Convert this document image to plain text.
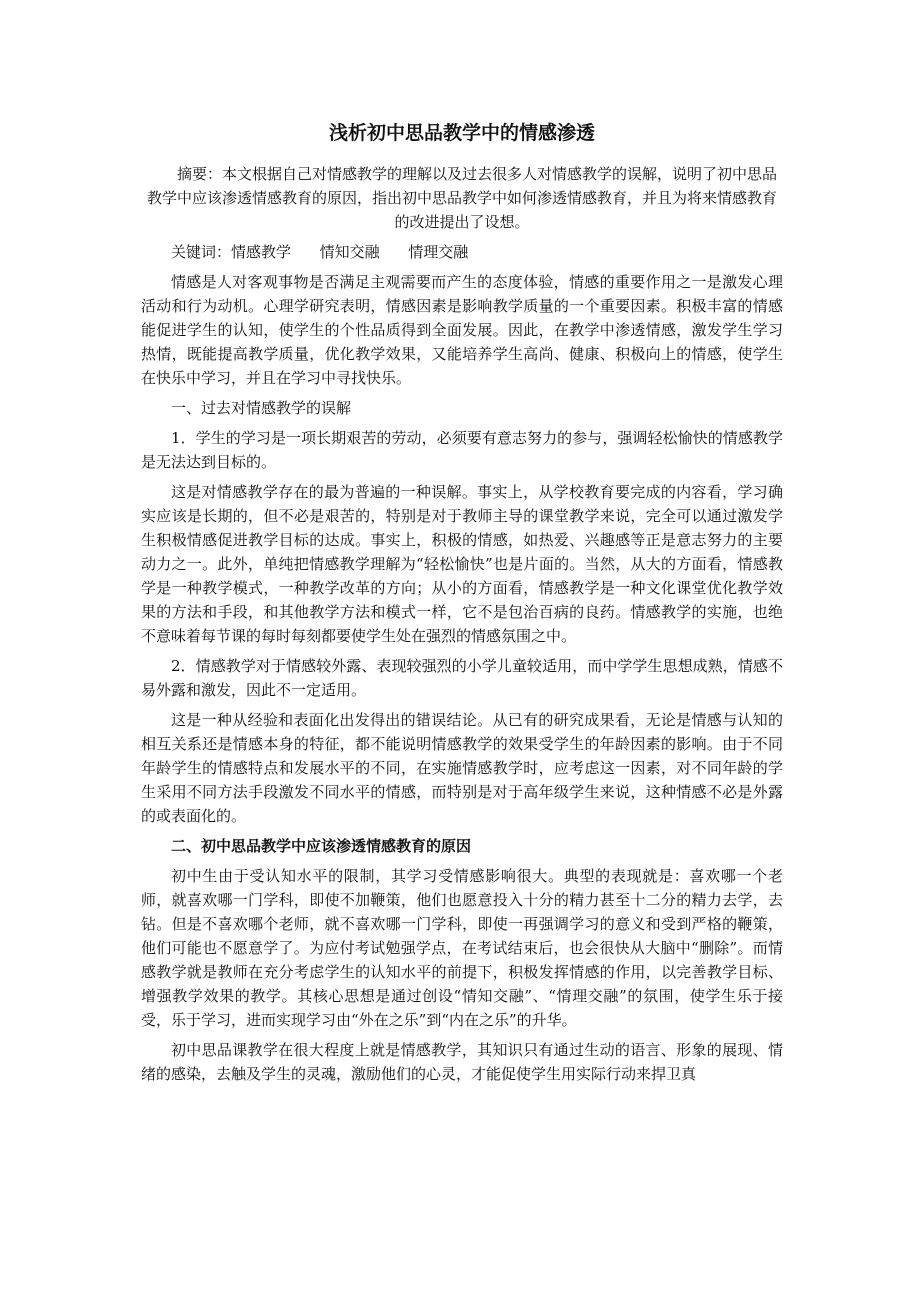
浅析初中思品教学中的情感渗透

摘要：本文根据自己对情感教学的理解以及过去很多人对情感教学的误解，说明了初中思品教学中应该渗透情感教育的原因，指出初中思品教学中如何渗透情感教育，并且为将来情感教育的改进提出了设想。

关键词：情感教学      情知交融      情理交融

情感是人对客观事物是否满足主观需要而产生的态度体验，情感的重要作用之一是激发心理活动和行为动机。心理学研究表明，情感因素是影响教学质量的一个重要因素。积极丰富的情感能促进学生的认知，使学生的个性品质得到全面发展。因此，在教学中渗透情感，激发学生学习热情，既能提高教学质量，优化教学效果，又能培养学生高尚、健康、积极向上的情感，使学生在快乐中学习，并且在学习中寻找快乐。

一、过去对情感教学的误解

1．学生的学习是一项长期艰苦的劳动，必须要有意志努力的参与，强调轻松愉快的情感教学是无法达到目标的。

这是对情感教学存在的最为普遍的一种误解。事实上，从学校教育要完成的内容看，学习确实应该是长期的，但不必是艰苦的，特别是对于教师主导的课堂教学来说，完全可以通过激发学生积极情感促进教学目标的达成。事实上，积极的情感，如热爱、兴趣感等正是意志努力的主要动力之一。此外，单纯把情感教学理解为“轻松愉快”也是片面的。当然，从大的方面看，情感教学是一种教学模式，一种教学改革的方向；从小的方面看，情感教学是一种文化课堂优化教学效果的方法和手段，和其他教学方法和模式一样，它不是包治百病的良药。情感教学的实施，也绝不意味着每节课的每时每刻都要使学生处在强烈的情感氛围之中。

2．情感教学对于情感较外露、表现较强烈的小学儿童较适用，而中学学生思想成熟，情感不易外露和激发，因此不一定适用。

这是一种从经验和表面化出发得出的错误结论。从已有的研究成果看，无论是情感与认知的相互关系还是情感本身的特征，都不能说明情感教学的效果受学生的年龄因素的影响。由于不同年龄学生的情感特点和发展水平的不同，在实施情感教学时，应考虑这一因素，对不同年龄的学生采用不同方法手段激发不同水平的情感，而特别是对于高年级学生来说，这种情感不必是外露的或表面化的。

二、初中思品教学中应该渗透情感教育的原因

初中生由于受认知水平的限制，其学习受情感影响很大。典型的表现就是：喜欢哪一个老师，就喜欢哪一门学科，即使不加鞭策，他们也愿意投入十分的精力甚至十二分的精力去学，去钻。但是不喜欢哪个老师，就不喜欢哪一门学科，即使一再强调学习的意义和受到严格的鞭策，他们可能也不愿意学了。为应付考试勉强学点，在考试结束后，也会很快从大脑中“删除”。而情感教学就是教师在充分考虑学生的认知水平的前提下，积极发挥情感的作用，以完善教学目标、增强教学效果的教学。其核心思想是通过创设“情知交融”、“情理交融”的氛围，使学生乐于接受，乐于学习，进而实现学习由“外在之乐”到“内在之乐”的升华。

初中思品课教学在很大程度上就是情感教学，其知识只有通过生动的语言、形象的展现、情绪的感染，去触及学生的灵魂，激励他们的心灵，才能促使学生用实际行动来捍卫真
